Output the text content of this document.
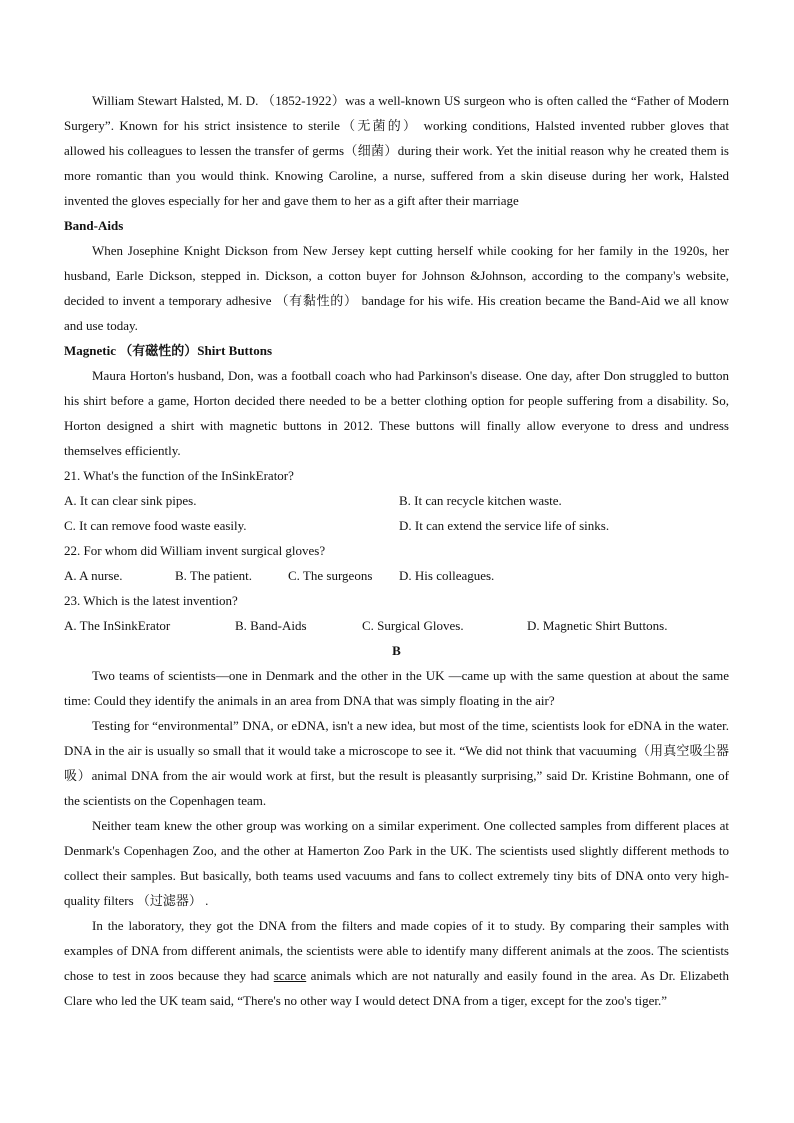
William Stewart Halsted, M. D. （1852-1922）was a well-known US surgeon who is often called the “Father of Modern Surgery”. Known for his strict insistence to sterile（无菌的） working conditions, Halsted invented rubber gloves that allowed his colleagues to lessen the transfer of germs（细菌）during their work. Yet the initial reason why he created them is more romantic than you would think. Knowing Caroline, a nurse, suffered from a skin diseuse during her work, Halsted invented the gloves especially for her and gave them to her as a gift after their marriage

Band-Aids

When Josephine Knight Dickson from New Jersey kept cutting herself while cooking for her family in the 1920s, her husband, Earle Dickson, stepped in. Dickson, a cotton buyer for Johnson &Johnson, according to the company's website, decided to invent a temporary adhesive （有黏性的） bandage for his wife. His creation became the Band-Aid we all know and use today.

Magnetic （有磁性的）Shirt Buttons

Maura Horton's husband, Don, was a football coach who had Parkinson's disease. One day, after Don struggled to button his shirt before a game, Horton decided there needed to be a better clothing option for people suffering from a disability. So, Horton designed a shirt with magnetic buttons in 2012. These buttons will finally allow everyone to dress and undress themselves efficiently.

21. What's the function of the InSinkErator?

A. It can clear sink pipes.	B. It can recycle kitchen waste.
C. It can remove food waste easily.	D. It can extend the service life of sinks.

22. For whom did William invent surgical gloves?

A. A nurse.	B. The patient.	C. The surgeons	D. His colleagues.

23. Which is the latest invention?

A. The InSinkErator	B. Band-Aids	C. Surgical Gloves.	D. Magnetic Shirt Buttons.

B

Two teams of scientists—one in Denmark and the other in the UK —came up with the same question at about the same time: Could they identify the animals in an area from DNA that was simply floating in the air?

Testing for “environmental” DNA, or eDNA, isn't a new idea, but most of the time, scientists look for eDNA in the water. DNA in the air is usually so small that it would take a microscope to see it. “We did not think that vacuuming（用真空吸尘器吸）animal DNA from the air would work at first, but the result is pleasantly surprising,” said Dr. Kristine Bohmann, one of the scientists on the Copenhagen team.

Neither team knew the other group was working on a similar experiment. One collected samples from different places at Denmark's Copenhagen Zoo, and the other at Hamerton Zoo Park in the UK. The scientists used slightly different methods to collect their samples. But basically, both teams used vacuums and fans to collect extremely tiny bits of DNA onto very high-quality filters （过滤器） .

In the laboratory, they got the DNA from the filters and made copies of it to study. By comparing their samples with examples of DNA from different animals, the scientists were able to identify many different animals at the zoos. The scientists chose to test in zoos because they had scarce animals which are not naturally and easily found in the area. As Dr. Elizabeth Clare who led the UK team said, “There's no other way I would detect DNA from a tiger, except for the zoo's tiger.”
